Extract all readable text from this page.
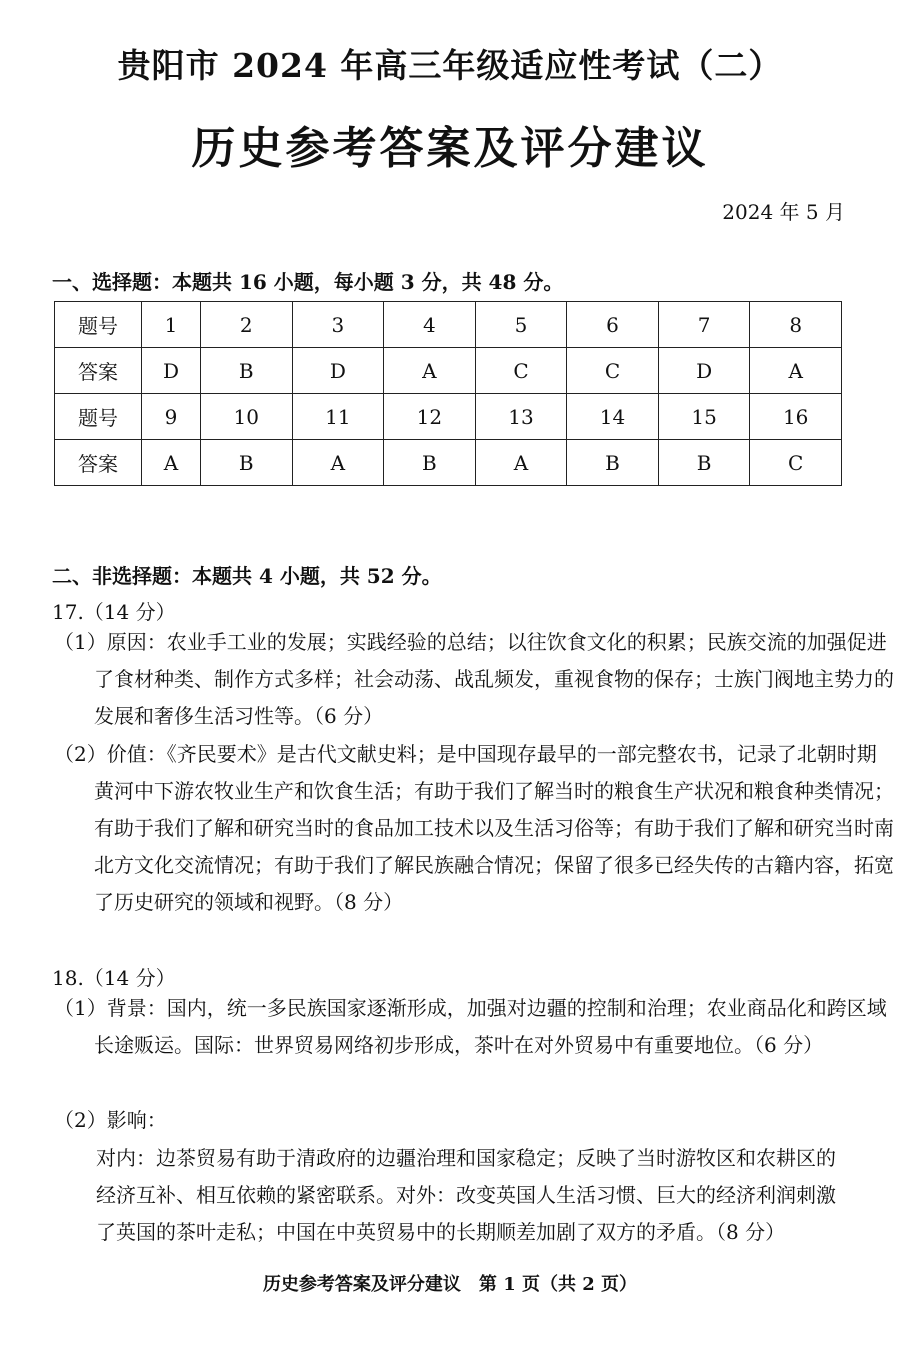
贵阳市 2024 年高三年级适应性考试（二）
历史参考答案及评分建议
2024 年 5 月
一、选择题：本题共 16 小题，每小题 3 分，共 48 分。
题号	1	2	3	4	5	6	7	8
答案	D	B	D	A	C	C	D	A
题号	9	10	11	12	13	14	15	16
答案	A	B	A	B	A	B	B	C
二、非选择题：本题共 4 小题，共 52 分。
17.（14 分）
（1）原因：农业手工业的发展；实践经验的总结；以往饮食文化的积累；民族交流的加强促进了食材种类、制作方式多样；社会动荡、战乱频发，重视食物的保存；士族门阀地主势力的发展和奢侈生活习性等。（6 分）
（2）价值：《齐民要术》是古代文献史料；是中国现存最早的一部完整农书，记录了北朝时期黄河中下游农牧业生产和饮食生活；有助于我们了解当时的粮食生产状况和粮食种类情况；有助于我们了解和研究当时的食品加工技术以及生活习俗等；有助于我们了解和研究当时南北方文化交流情况；有助于我们了解民族融合情况；保留了很多已经失传的古籍内容，拓宽了历史研究的领域和视野。（8 分）
18.（14 分）
（1）背景：国内，统一多民族国家逐渐形成，加强对边疆的控制和治理；农业商品化和跨区域长途贩运。国际：世界贸易网络初步形成，茶叶在对外贸易中有重要地位。（6 分）
（2）影响：
对内：边茶贸易有助于清政府的边疆治理和国家稳定；反映了当时游牧区和农耕区的经济互补、相互依赖的紧密联系。对外：改变英国人生活习惯、巨大的经济利润刺激了英国的茶叶走私；中国在中英贸易中的长期顺差加剧了双方的矛盾。（8 分）
历史参考答案及评分建议　第 1 页（共 2 页）
